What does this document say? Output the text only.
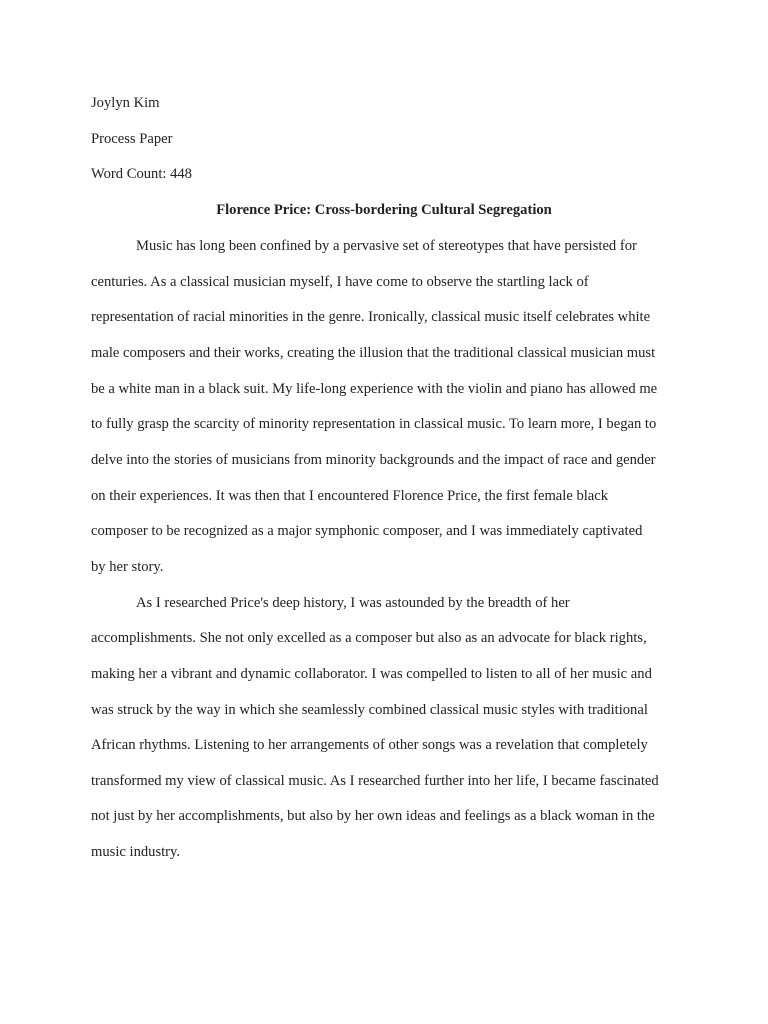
Joylyn Kim
Process Paper
Word Count: 448
Florence Price: Cross-bordering Cultural Segregation
Music has long been confined by a pervasive set of stereotypes that have persisted for
centuries. As a classical musician myself, I have come to observe the startling lack of
representation of racial minorities in the genre. Ironically, classical music itself celebrates white
male composers and their works, creating the illusion that the traditional classical musician must
be a white man in a black suit. My life-long experience with the violin and piano has allowed me
to fully grasp the scarcity of minority representation in classical music. To learn more, I began to
delve into the stories of musicians from minority backgrounds and the impact of race and gender
on their experiences. It was then that I encountered Florence Price, the first female black
composer to be recognized as a major symphonic composer, and I was immediately captivated
by her story.
As I researched Price's deep history, I was astounded by the breadth of her
accomplishments. She not only excelled as a composer but also as an advocate for black rights,
making her a vibrant and dynamic collaborator. I was compelled to listen to all of her music and
was struck by the way in which she seamlessly combined classical music styles with traditional
African rhythms. Listening to her arrangements of other songs was a revelation that completely
transformed my view of classical music. As I researched further into her life, I became fascinated
not just by her accomplishments, but also by her own ideas and feelings as a black woman in the
music industry.
